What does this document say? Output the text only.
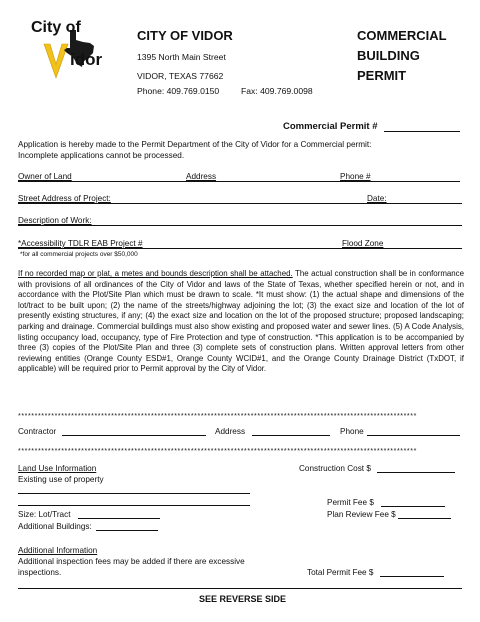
City of
idor
CITY OF VIDOR
1395 North Main Street
VIDOR, TEXAS 77662
Phone: 409.769.0150	Fax: 409.769.0098
COMMERCIAL
BUILDING
PERMIT
Commercial Permit #
Application is hereby made to the Permit Department of the City of Vidor for a Commercial permit:
Incomplete applications cannot be processed.
Owner of Land	Address	Phone #
Street Address of Project:	Date:
Description of Work:
*Accessibility TDLR EAB Project #	Flood Zone
*for all commercial projects over $50,000
If no recorded map or plat, a metes and bounds description shall be attached. The actual construction shall be in conformance with provisions of all ordinances of the City of Vidor and laws of the State of Texas, whether specified herein or not, and in accordance with the Plot/Site Plan which must be drawn to scale. *It must show: (1) the actual shape and dimensions of the lot/tract to be built upon; (2) the name of the streets/highway adjoining the lot; (3) the exact size and location of the lot of presently existing structures, if any; (4) the exact size and location on the lot of the proposed structure; proposed landscaping; parking and drainage. Commercial buildings must also show existing and proposed water and sewer lines. (5) A Code Analysis, listing occupancy load, occupancy, type of Fire Protection and type of construction. *This application is to be accompanied by three (3) copies of the Plot/Site Plan and three (3) complete sets of construction plans. Written approval letters from other reviewing entities (Orange County ESD#1, Orange County WCID#1, and the Orange County Drainage District (TxDOT, if applicable) will be required prior to Permit approval by the City of Vidor.
************************************************************************************************************************
Contractor	Address	Phone
************************************************************************************************************************
Land Use Information
Existing use of property
Size: Lot/Tract
Additional Buildings:
Construction Cost $
Permit Fee $
Plan Review Fee $
Additional Information
Additional inspection fees may be added if there are excessive
inspections.	Total Permit Fee $
SEE REVERSE SIDE
